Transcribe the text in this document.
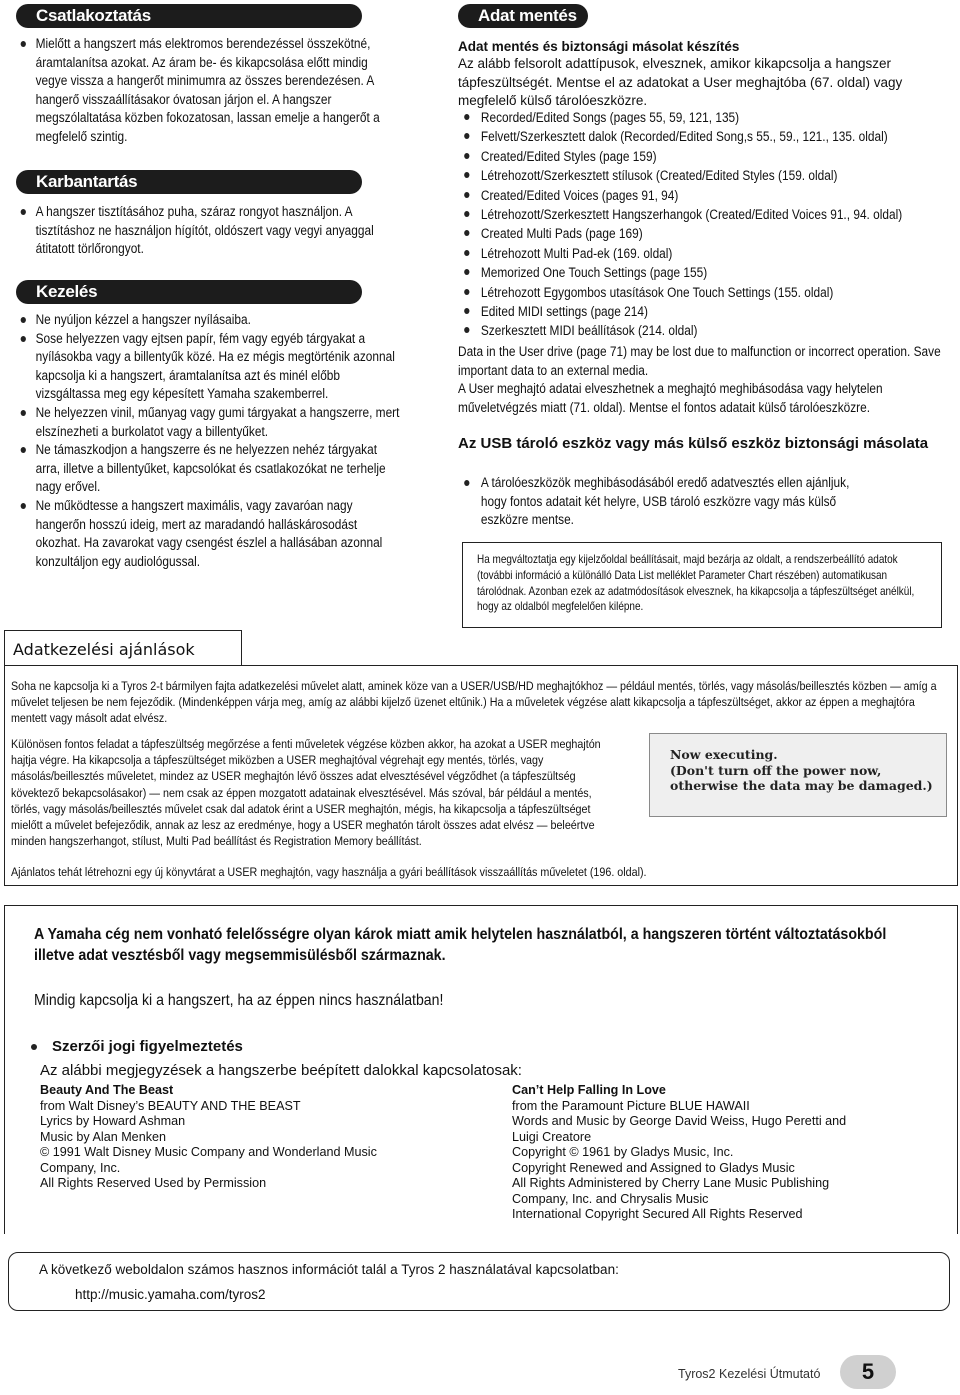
Csatlakoztatás
Mielőtt a hangszert más elektromos berendezéssel összekötné, áramtalanítsa azokat. Az áram be- és kikapcsolása előtt mindig vegye vissza a hangerőt minimumra az összes berendezésen. A hangerő visszaállításakor óvatosan járjon el. A hangszer megszólaltatása közben fokozatosan, lassan emelje a hangerőt a megfelelő szintig.
Karbantartás
A hangszer tisztításához puha, száraz rongyot használjon. A tisztításhoz ne használjon hígítót, oldószert vagy vegyi anyaggal átitatott törlőrongyot.
Kezelés
Ne nyúljon kézzel a hangszer nyílásaiba.
Sose helyezzen vagy ejtsen papír, fém vagy egyéb tárgyakat a nyílásokba vagy a billentyűk közé. Ha ez mégis megtörténik azonnal kapcsolja ki a hangszert, áramtalanítsa azt és minél előbb vizsgáltassa meg egy képesített Yamaha szakemberrel.
Ne helyezzen vinil, műanyag vagy gumi tárgyakat a hangszerre, mert elszínezheti a burkolatot vagy a billentyűket.
Ne támaszkodjon a hangszerre és ne helyezzen nehéz tárgyakat arra, illetve a billentyűket, kapcsolókat és csatlakozókat ne terhelje nagy erővel.
Ne működtesse a hangszert maximális, vagy zavaróan nagy hangerőn hosszú ideig, mert az maradandó halláskárosodást okozhat. Ha zavarokat vagy csengést észlel a hallásában azonnal konzultáljon egy audiológussal.
Adat mentés
Adat mentés és biztonsági másolat készítés
Az alább felsorolt adattípusok, elvesznek, amikor kikapcsolja a hangszer tápfeszültségét. Mentse el az adatokat a User meghajtóba (67. oldal) vagy megfelelő külső tárolóeszközre.
Recorded/Edited Songs (pages 55, 59, 121, 135)
Felvett/Szerkesztett dalok (Recorded/Edited Song,s 55., 59., 121., 135. oldal)
Created/Edited Styles (page 159)
Létrehozott/Szerkesztett stílusok (Created/Edited Styles (159. oldal)
Created/Edited Voices (pages 91, 94)
Létrehozott/Szerkesztett Hangszerhangok (Created/Edited Voices 91., 94. oldal)
Created Multi Pads (page 169)
Létrehozott Multi Pad-ek (169. oldal)
Memorized One Touch Settings (page 155)
Létrehozott Egygombos utasítások One Touch Settings (155. oldal)
Edited MIDI settings (page 214)
Szerkesztett MIDI beállítások (214. oldal)
Data in the User drive (page 71) may be lost due to malfunction or incorrect operation. Save important data to an external media.
A User meghajtó adatai elveszhetnek a meghajtó meghibásodása vagy helytelen műveletvégzés miatt (71. oldal). Mentse el fontos adatait külső tárolóeszközre.
Az USB tároló eszköz vagy más külső eszköz biztonsági másolata
A tárolóeszközök meghibásodásából eredő adatvesztés ellen ajánljuk, hogy fontos adatait két helyre, USB tároló eszközre vagy más külső eszközre mentse.
Ha megváltoztatja egy kijelzőoldal beállításait, majd bezárja az oldalt, a rendszerbeállító adatok (további információ a különálló Data List melléklet Parameter Chart részében) automatikusan tárolódnak. Azonban ezek az adatmódosítások elvesznek, ha kikapcsolja a tápfeszültséget anélkül, hogy az oldalból megfelelően kilépne.
Adatkezelési ajánlások
Soha ne kapcsolja ki a Tyros 2-t bármilyen fajta adatkezelési művelet alatt, aminek köze van a USER/USB/HD meghajtókhoz — például mentés, törlés, vagy másolás/beillesztés közben — amíg a művelet teljesen be nem fejeződik. (Mindenképpen várja meg, amíg az alábbi kijelző üzenet eltűnik.) Ha a műveletek végzése alatt kikapcsolja a tápfeszültséget, akkor az éppen a meghajtóra mentett vagy másolt adat elvész.
Különösen fontos feladat a tápfeszültség megőrzése a fenti műveletek végzése közben akkor, ha azokat a USER meghajtón hajtja végre. Ha kikapcsolja a tápfeszültséget miközben a USER meghajtóval végrehajt egy mentés, törlés, vagy másolás/beillesztés műveletet, mindez az USER meghajtón lévő összes adat elvesztésével végződhet (a tápfeszültség kövektező bekapcsolásakor) — nem csak az éppen mozgatott adatainak elvesztésével. Más szóval, bár például a mentés, törlés, vagy másolás/beillesztés művelet csak dal adatok érint a USER meghajtón, mégis, ha kikapcsolja a tápfeszültséget mielőtt a művelet befejeződik, annak az lesz az eredménye, hogy a USER meghatón tárolt összes adat elvész — beleértve minden hangszerhangot, stílust, Multi Pad beállítást és Registration Memory beállítást.
Now executing.
(Don't turn off the power now,
otherwise the data may be damaged.)
Ajánlatos tehát létrehozni egy új könyvtárat a USER meghajtón, vagy használja a gyári beállítások visszaállítás műveletet (196. oldal).
A Yamaha cég nem vonható felelősségre olyan károk miatt amik helytelen használatból, a hangszeren történt változtatásokból illetve adat vesztésből vagy megsemmisülésből származnak.
Mindig kapcsolja ki a hangszert, ha az éppen nincs használatban!
Szerzői jogi figyelmeztetés
Az alábbi megjegyzések a hangszerbe beépített dalokkal kapcsolatosak:
Beauty And The Beast
from Walt Disney’s BEAUTY AND THE BEAST
Lyrics by Howard Ashman
Music by Alan Menken
© 1991 Walt Disney Music Company and Wonderland Music
Company, Inc.
All Rights Reserved Used by Permission
Can’t Help Falling In Love
from the Paramount Picture BLUE HAWAII
Words and Music by George David Weiss, Hugo Peretti and
Luigi Creatore
Copyright © 1961 by Gladys Music, Inc.
Copyright Renewed and Assigned to Gladys Music
All Rights Administered by Cherry Lane Music Publishing
Company, Inc. and Chrysalis Music
International Copyright Secured All Rights Reserved
A következő weboldalon számos hasznos információt talál a Tyros 2 használatával kapcsolatban:
http://music.yamaha.com/tyros2
Tyros2 Kezelési Útmutató	5
